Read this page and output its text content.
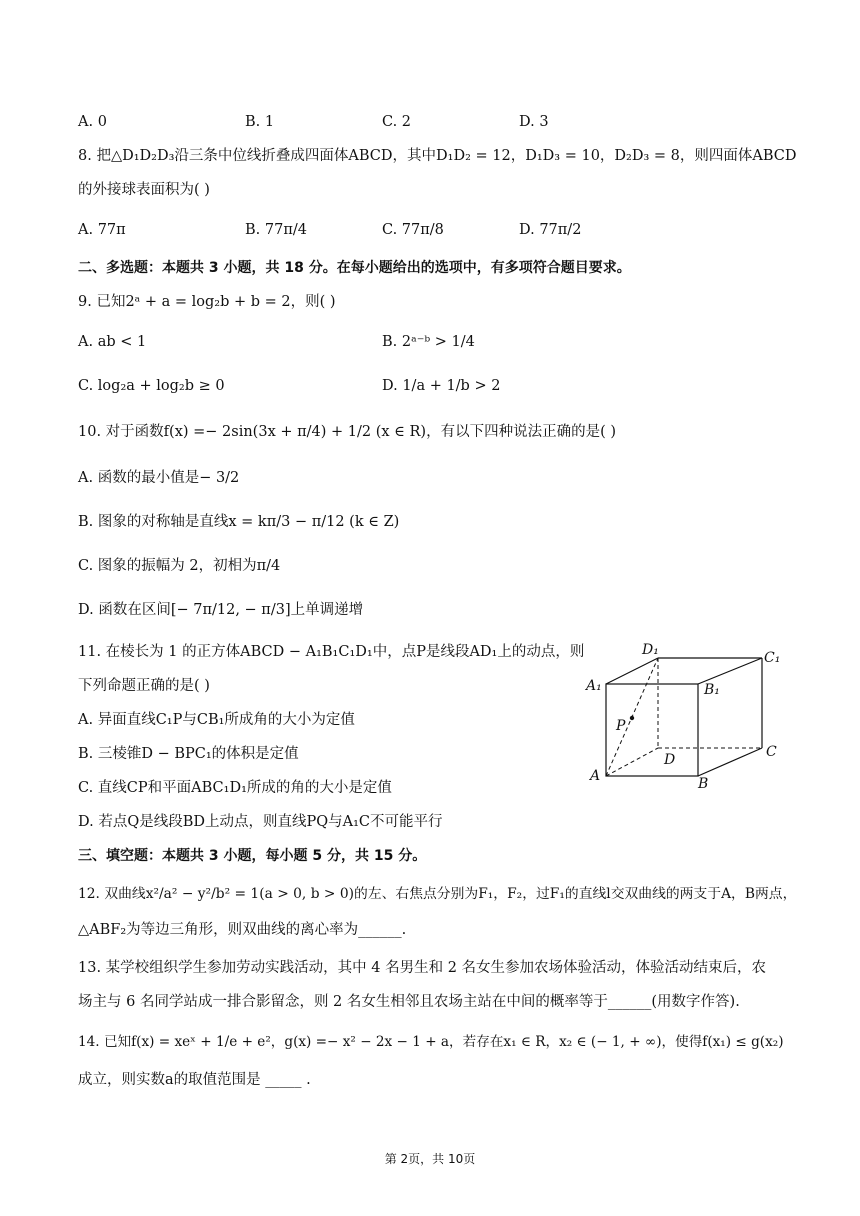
A. 0	B. 1	C. 2	D. 3
8. 把△D₁D₂D₃沿三条中位线折叠成四面体ABCD，其中D₁D₂ = 12，D₁D₃ = 10，D₂D₃ = 8，则四面体ABCD
的外接球表面积为( )
A. 77π	B. 77π/4	C. 77π/8	D. 77π/2
二、多选题：本题共 3 小题，共 18 分。在每小题给出的选项中，有多项符合题目要求。
9. 已知2ᵃ + a = log₂b + b = 2，则( )
A. ab < 1	B. 2ᵃ⁻ᵇ > 1/4
C. log₂a + log₂b ≥ 0	D. 1/a + 1/b > 2
10. 对于函数f(x) =− 2sin(3x + π/4) + 1/2 (x ∈ R)，有以下四种说法正确的是( )
A. 函数的最小值是− 3/2
B. 图象的对称轴是直线x = kπ/3 − π/12 (k ∈ Z)
C. 图象的振幅为 2，初相为π/4
D. 函数在区间[− 7π/12, − π/3]上单调递增
11. 在棱长为 1 的正方体ABCD − A₁B₁C₁D₁中，点P是线段AD₁上的动点，则
下列命题正确的是( )
A. 异面直线C₁P与CB₁所成角的大小为定值
B. 三棱锥D − BPC₁的体积是定值
C. 直线CP和平面ABC₁D₁所成的角的大小是定值
D. 若点Q是线段BD上动点，则直线PQ与A₁C不可能平行
D₁	C₁
A₁	B₁
P
D	C
A	B
三、填空题：本题共 3 小题，每小题 5 分，共 15 分。
12. 双曲线x²/a² − y²/b² = 1(a > 0, b > 0)的左、右焦点分别为F₁，F₂，过F₁的直线l交双曲线的两支于A，B两点，
△ABF₂为等边三角形，则双曲线的离心率为______.
13. 某学校组织学生参加劳动实践活动，其中 4 名男生和 2 名女生参加农场体验活动，体验活动结束后，农
场主与 6 名同学站成一排合影留念，则 2 名女生相邻且农场主站在中间的概率等于______(用数字作答).
14. 已知f(x) = xeˣ + 1/e + e²，g(x) =− x² − 2x − 1 + a，若存在x₁ ∈ R，x₂ ∈ (− 1, + ∞)，使得f(x₁) ≤ g(x₂)
成立，则实数a的取值范围是 _____ .
第 2页，共 10页
